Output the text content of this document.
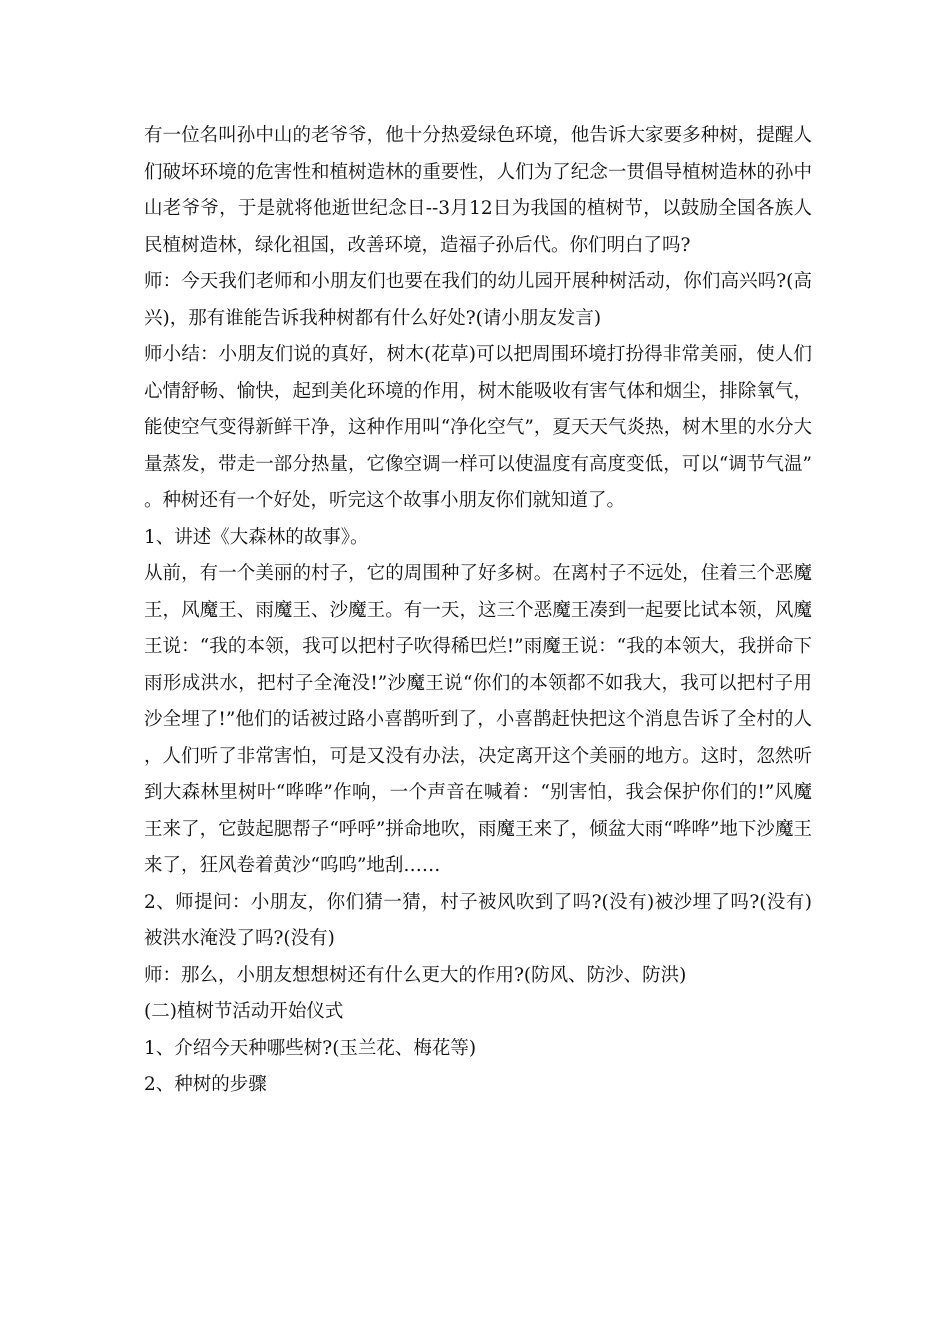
有一位名叫孙中山的老爷爷，他十分热爱绿色环境，他告诉大家要多种树，提醒人们破坏环境的危害性和植树造林的重要性，人们为了纪念一贯倡导植树造林的孙中山老爷爷，于是就将他逝世纪念日--3月12日为我国的植树节，以鼓励全国各族人民植树造林，绿化祖国，改善环境，造福子孙后代。你们明白了吗?

师：今天我们老师和小朋友们也要在我们的幼儿园开展种树活动，你们高兴吗?(高兴)，那有谁能告诉我种树都有什么好处?(请小朋友发言)

师小结：小朋友们说的真好，树木(花草)可以把周围环境打扮得非常美丽，使人们心情舒畅、愉快，起到美化环境的作用，树木能吸收有害气体和烟尘，排除氧气，能使空气变得新鲜干净，这种作用叫“净化空气”，夏天天气炎热，树木里的水分大量蒸发，带走一部分热量，它像空调一样可以使温度有高度变低，可以“调节气温”。种树还有一个好处，听完这个故事小朋友你们就知道了。

1、讲述《大森林的故事》。

从前，有一个美丽的村子，它的周围种了好多树。在离村子不远处，住着三个恶魔王，风魔王、雨魔王、沙魔王。有一天，这三个恶魔王凑到一起要比试本领，风魔王说：“我的本领，我可以把村子吹得稀巴烂!”雨魔王说：“我的本领大，我拼命下雨形成洪水，把村子全淹没!”沙魔王说“你们的本领都不如我大，我可以把村子用沙全埋了!”他们的话被过路小喜鹊听到了，小喜鹊赶快把这个消息告诉了全村的人，人们听了非常害怕，可是又没有办法，决定离开这个美丽的地方。这时，忽然听到大森林里树叶“哗哗”作响，一个声音在喊着：“别害怕，我会保护你们的!”风魔王来了，它鼓起腮帮子“呼呼”拼命地吹，雨魔王来了，倾盆大雨“哗哗”地下沙魔王来了，狂风卷着黄沙“呜呜”地刮……

2、师提问：小朋友，你们猜一猜，村子被风吹到了吗?(没有)被沙埋了吗?(没有)被洪水淹没了吗?(没有)

师：那么，小朋友想想树还有什么更大的作用?(防风、防沙、防洪)

(二)植树节活动开始仪式

1、介绍今天种哪些树?(玉兰花、梅花等)

2、种树的步骤
